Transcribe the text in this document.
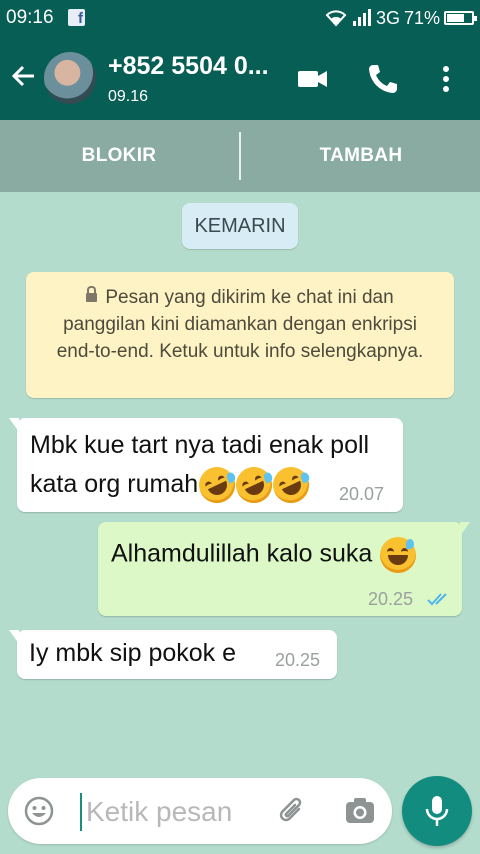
09:16	f	3G 71%
+852 5504 0...
09.16
BLOKIR	TAMBAH
KEMARIN
Pesan yang dikirim ke chat ini dan panggilan kini diamankan dengan enkripsi end-to-end. Ketuk untuk info selengkapnya.
Mbk kue tart nya tadi enak poll kata org rumah	20.07
Alhamdulillah kalo suka
20.25
Iy mbk sip pokok e 20.25
Ketik pesan
